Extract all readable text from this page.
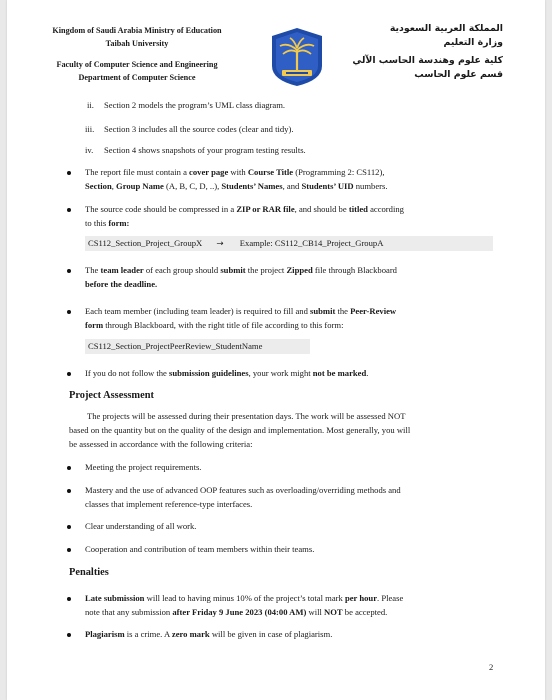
Kingdom of Saudi Arabia Ministry of Education
Taibah University
Faculty of Computer Science and Engineering
Department of Computer Science
المملكة العربية السعودية
وزارة التعليم
كلية علوم وهندسة الحاسب الآلي
قسم علوم الحاسب
ii. Section 2 models the program’s UML class diagram.
iii. Section 3 includes all the source codes (clear and tidy).
iv. Section 4 shows snapshots of your program testing results.
The report file must contain a cover page with Course Title (Programming 2: CS112),
Section, Group Name (A, B, C, D, ..), Students’ Names, and Students’ UID numbers.
The source code should be compressed in a ZIP or RAR file, and should be titled according
to this form:
CS112_Section_Project_GroupX → Example: CS112_CB14_Project_GroupA
The team leader of each group should submit the project Zipped file through Blackboard
before the deadline.
Each team member (including team leader) is required to fill and submit the Peer-Review
form through Blackboard, with the right title of file according to this form:
CS112_Section_ProjectPeerReview_StudentName
If you do not follow the submission guidelines, your work might not be marked.
Project Assessment
The projects will be assessed during their presentation days. The work will be assessed NOT
based on the quantity but on the quality of the design and implementation. Most generally, you will
be assessed in accordance with the following criteria:
Meeting the project requirements.
Mastery and the use of advanced OOP features such as overloading/overriding methods and
classes that implement reference-type interfaces.
Clear understanding of all work.
Cooperation and contribution of team members within their teams.
Penalties
Late submission will lead to having minus 10% of the project’s total mark per hour. Please
note that any submission after Friday 9 June 2023 (04:00 AM) will NOT be accepted.
Plagiarism is a crime. A zero mark will be given in case of plagiarism.
2
